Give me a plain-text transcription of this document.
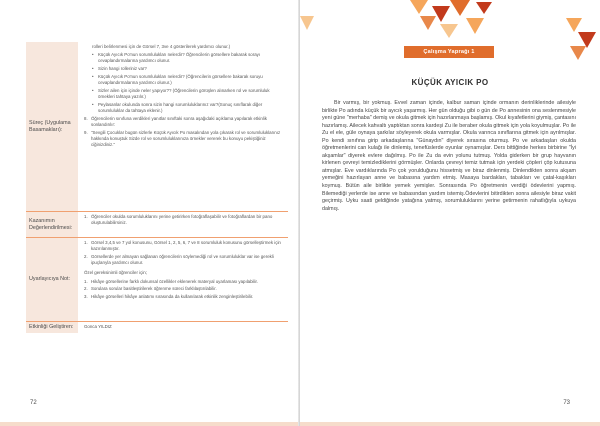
Süreç (Uygulama Basamakları):

rolleri belirlenmesi için de Görsel 7, 3ve 4 gösterilerek yardımcı olunur.)

• Küçük Ayıcık Po'nun sorumlulukları nelerdir? Öğrencilerin görsellere bakarak sorayı cevaplandırmalarına yardımcı olunur.
• Sizin hangi rolleriniz var?
• Küçük Ayıcık Po'nun sorumlulukları nelerdir? (Öğrencilerin görsellere bakarak soruyu cevaplandırmalarına yardımcı olunur.)
• Sizler ailen için içinde neler yapıyor?? (Öğrencilerin görüşlen alınarken rol ve sorumluluk örnekleri tahtaya yazılır.)
• Peylasanlar okulunda sonra sizin hangi sorumluluklarınız var?(Sonuç sınıflarak diğer sorumluluklar da tahtaya eklenir.)
8. Öğrencilerin sınıfuna verdikleri yanıtlar sınıftaki sonra aşağıdaki açıklama yapılarak etkinlik sonlandırılır:
9. "Sevgili Çocuklar bugün sizlerle Küçük Ayıcık Po masalından yola çıkarak rol ve sorumluluklarınız hakkında konuştuk Sizde rol ve sorumluluklarınıza örnekler vererek bu konuyu pekiştiğiniz ciğinizdiniz."
Kazanımın Değerlendirilmesi:
1. Öğrenciler okulda sorumluluklarını yerine getirirken fotoğraflaşabilir ve fotoğraflardan bir pano oluşturulabilirsiniz.
Uyarlayıcıya Not:
1. Görsel 3,4,5 ve 7 yol konusunu, Görsel 1, 2, 5, 6, 7 ve 8 sorumluluk konusunu görselleştirmek için kazırılanmıştır.
2. Görsellerde yer almayan sağlanan öğrencilerin söylemediği rol ve sorumluluklar var ise gerekli ipuçlarıyla yardımcı olunur.

Özel gereksinimli öğrenciler için;

1. Hikâye görsellerine farklı dokunsal özellikler eklenerek materyal uyarlaması yapılabilir.
2. Sorulara sorular basitleştirilerek öğrenme süreci farklılaştırılabilir.
3. Hikâye görselleri hikâye anlatımı sırasında da kullanılarak etkinlik zenginleştirilebilir.
Etkinliği Geliştiren:	Gonca YILDIZ
72
Çalışma Yaprağı 1
KÜÇÜK AYICIK PO

Bir varmış, bir yokmuş. Evvel zaman içinde, kalbur saman içinde ormanın derinliklerinde ailesiyle birlikte Po adında küçük bir ayıcık yaşarmış. Her gün olduğu gibi o gün de Po annesinin ona seslenmesiyle yeni güne "merhaba" demiş ve okula gitmek için hazırlanmaya başlamış. Okul kıyafetlerini giymiş, çantasını hazırlamış. Ailecek kahvaltı yaptıktan sonra kardeşi Zu ile beraber okula gitmek için yola koyulmuşlar. Po ile Zu el ele, güle oynaya şarkılar söyleyerek okula varmışlar. Okula varınca sınıflarına gitmek için ayrılmışlar. Po kendi sınıfına girip arkadaşlarına "Günaydın" diyerek sırasına oturmuş. Po ve arkadaşları okulda öğretmenlerini can kulağı ile dinlemiş, tenefüslerde oyunlar oynamışlar. Ders bittiğinde herkes birbirine "İyi akşamlar" diyerek evlere dağılmış. Po ile Zu da evin yolunu tutmuş. Yolda giderken bir grup hayvanın kirlenen çevreyi temizlediklerini görmüşler. Onlarda çevreyi temiz tutmak için yerdeki çöpleri çöp kutusuna atmışlar. Eve vardıklarında Po çok yorulduğunu hissetmiş ve biraz dinlenmiş. Dinlendikten sonra akşam yemeğini hazırlayan anne ve babasına yardım etmiş. Masaya bardakları, tabakları ve çatal-kaşıkları koymuş. Bütün aile birlikte yemek yemişler. Sonrasında Po öğretmenin verdiği ödevlerini yapmış. Bilemediği yerlerde ise anne ve babasından yardım istemiş.Ödevlerini bitirdikten sonra ailesiyle biraz vakit geçirmiş. Uyku saati geldiğinde yatağına yatmış, sorumluluklarını yerine getirmenin rahatlığıyla uykuya dalmış.

73
